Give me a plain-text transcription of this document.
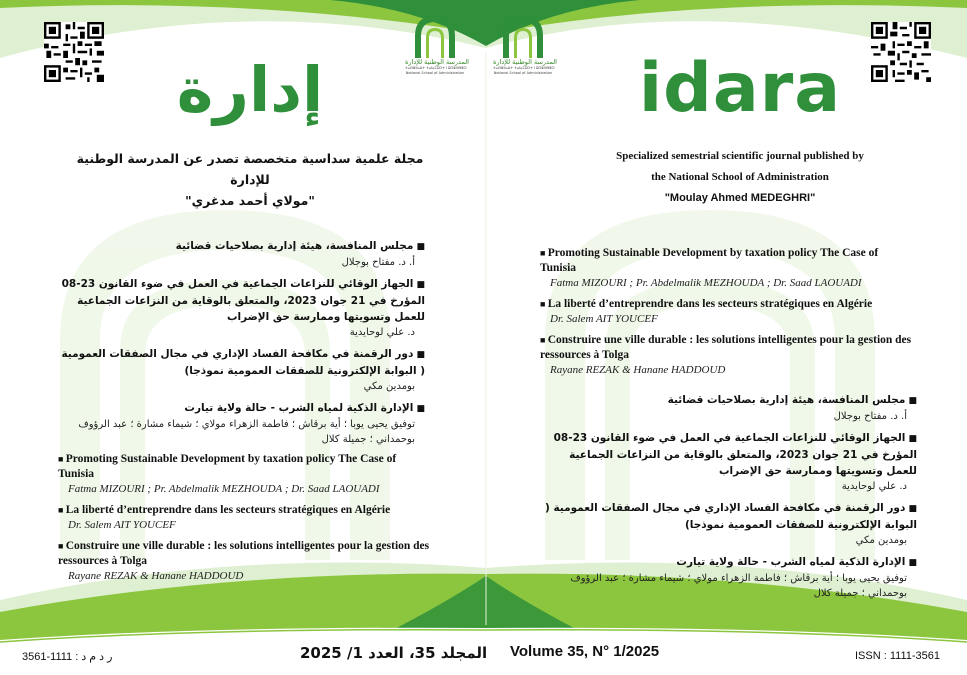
المدرسة الوطنية للإدارة
ⵜⴰⵙⴻⵏⵏⴰⵡⵜ ⵜⴰⵏⴰⵎⵓⵔⵜ ⵏ ⵓⵙⴻⴷⴱⴻⵔ
National School of Administration
المدرسة الوطنية للإدارة
ⵜⴰⵙⴻⵏⵏⴰⵡⵜ ⵜⴰⵏⴰⵎⵓⵔⵜ ⵏ ⵓⵙⴻⴷⴱⴻⵔ
National School of Administration
إدارة	idara
مجلة علمية سداسية متخصصة تصدر عن المدرسة الوطنية للإدارة
"مولاي أحمد مدغري"
Specialized semestrial scientific journal published by
the National School of Administration
"Moulay Ahmed MEDEGHRI"
■ مجلس المنافسة، هيئة إدارية بصلاحيات قضائية
أ. د. مفتاح بوجلال
■ الجهاز الوقائي للنزاعات الجماعية في العمل في ضوء القانون 23-08 المؤرخ في 21 جوان 2023، والمتعلق بالوقاية من النزاعات الجماعية للعمل وتسويتها وممارسة حق الإضراب
د. علي لوحايدية
■ دور الرقمنة في مكافحة الفساد الإداري في مجال الصفقات العمومية ( البوابة الإلكترونية للصفقات العمومية نموذجا)
بومدين مكي
■ الإدارة الذكية لمياه الشرب - حالة ولاية تيارت
توفيق يحيى يوبا ؛ أية برقاش ؛ فاطمة الزهراء مولاي ؛ شيماء مشارة ؛ عبد الرؤوف بوحمداني ؛ جميلة كلال
■ Promoting Sustainable Development by taxation policy The Case of Tunisia
Fatma MIZOURI ; Pr. Abdelmalik MEZHOUDA ; Dr. Saad LAOUADI
■ La liberté d’entreprendre dans les secteurs stratégiques en Algérie
Dr. Salem AIT YOUCEF
■ Construire une ville durable : les solutions intelligentes pour la gestion des ressources à Tolga
Rayane REZAK & Hanane HADDOUD
■ Promoting Sustainable Development by taxation policy The Case of Tunisia
Fatma MIZOURI ; Pr. Abdelmalik MEZHOUDA ; Dr. Saad LAOUADI
■ La liberté d’entreprendre dans les secteurs stratégiques en Algérie
Dr. Salem AIT YOUCEF
■ Construire une ville durable : les solutions intelligentes pour la gestion des ressources à Tolga
Rayane REZAK & Hanane HADDOUD
■ مجلس المنافسة، هيئة إدارية بصلاحيات قضائية
أ. د. مفتاح بوجلال
■ الجهاز الوقائي للنزاعات الجماعية في العمل في ضوء القانون 23-08 المؤرخ في 21 جوان 2023، والمتعلق بالوقاية من النزاعات الجماعية للعمل وتسويتها وممارسة حق الإضراب
د. علي لوحايدية
■ دور الرقمنة في مكافحة الفساد الإداري في مجال الصفقات العمومية ( البوابة الإلكترونية للصفقات العمومية نموذجا)
بومدين مكي
■ الإدارة الذكية لمياه الشرب - حالة ولاية تيارت
توفيق يحيى يوبا ؛ أية برقاش ؛ فاطمة الزهراء مولاي ؛ شيماء مشارة ؛ عبد الرؤوف بوحمداني ؛ جميلة كلال
ر د م د : 1111-3561	المجلد 35، العدد 1/ 2025 Volume 35, N° 1/2025	ISSN : 1111-3561
